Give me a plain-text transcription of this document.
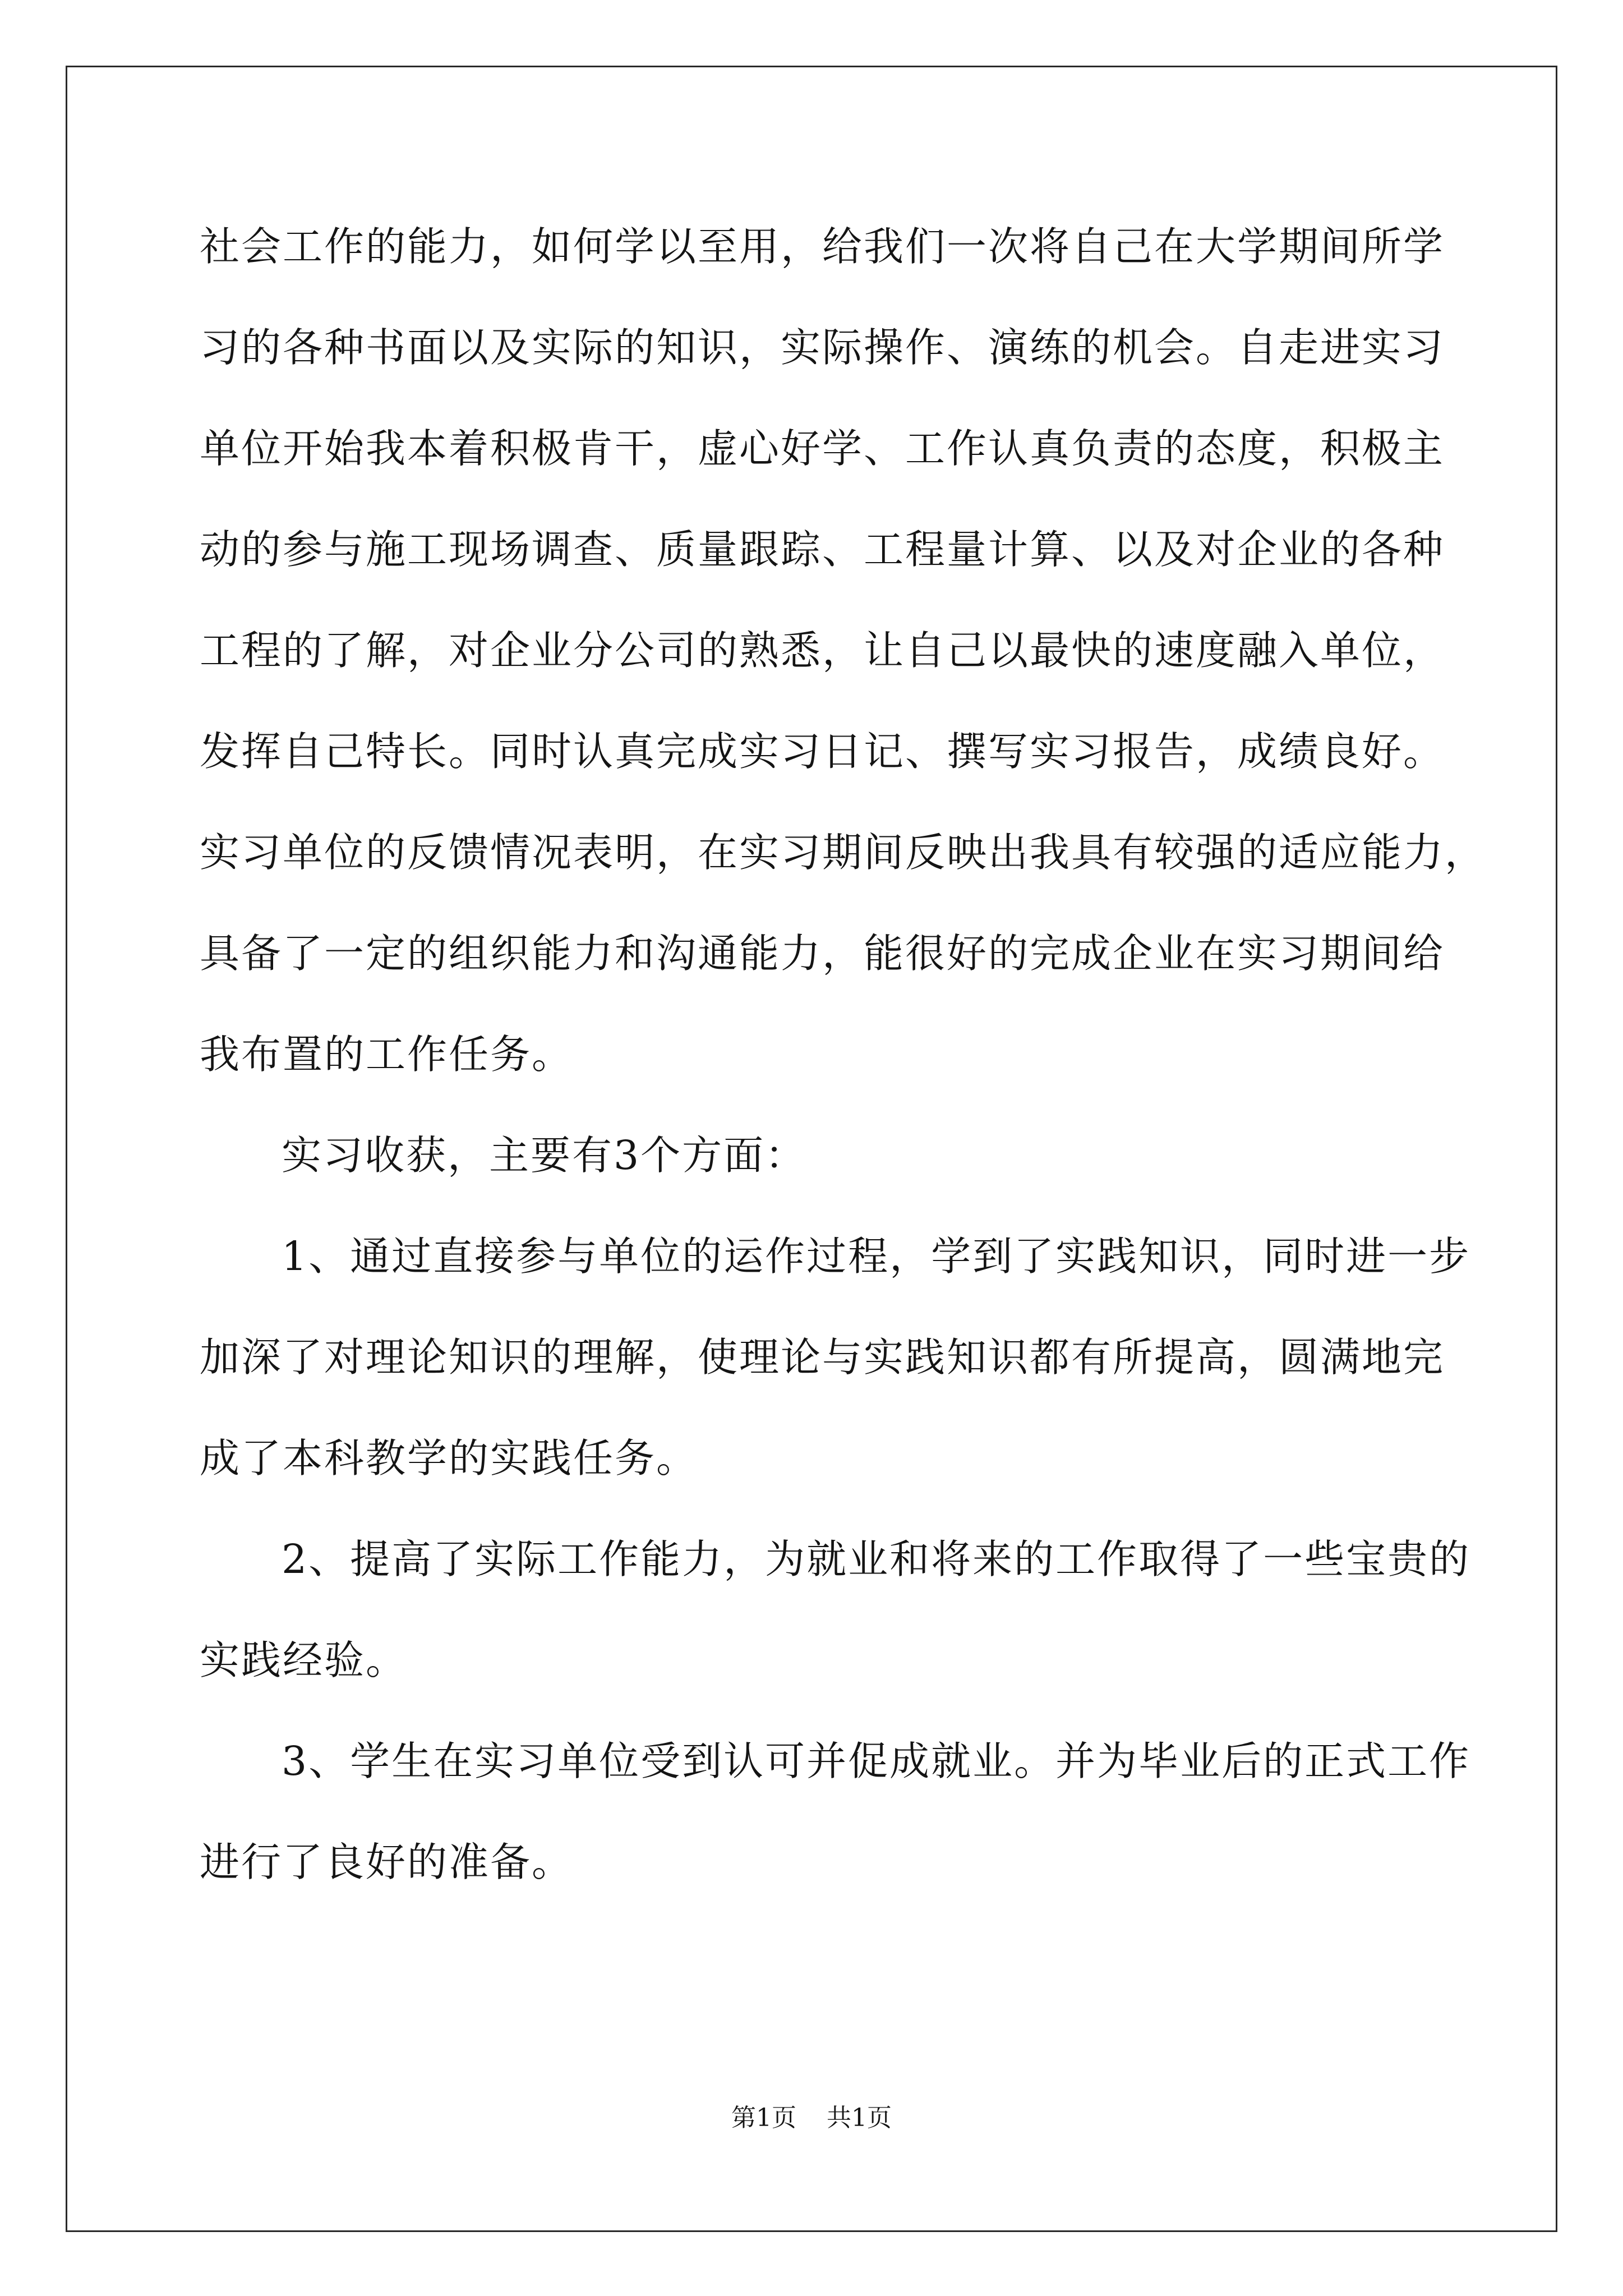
社会工作的能力，如何学以至用，给我们一次将自己在大学期间所学
习的各种书面以及实际的知识，实际操作、演练的机会。自走进实习
单位开始我本着积极肯干，虚心好学、工作认真负责的态度，积极主
动的参与施工现场调查、质量跟踪、工程量计算、以及对企业的各种
工程的了解，对企业分公司的熟悉，让自己以最快的速度融入单位，
发挥自己特长。同时认真完成实习日记、撰写实习报告，成绩良好。
实习单位的反馈情况表明，在实习期间反映出我具有较强的适应能力，
具备了一定的组织能力和沟通能力，能很好的完成企业在实习期间给
我布置的工作任务。
实习收获，主要有3个方面：
1、通过直接参与单位的运作过程，学到了实践知识，同时进一步
加深了对理论知识的理解，使理论与实践知识都有所提高，圆满地完
成了本科教学的实践任务。
2、提高了实际工作能力，为就业和将来的工作取得了一些宝贵的
实践经验。
3、学生在实习单位受到认可并促成就业。并为毕业后的正式工作
进行了良好的准备。
第1页 共1页
